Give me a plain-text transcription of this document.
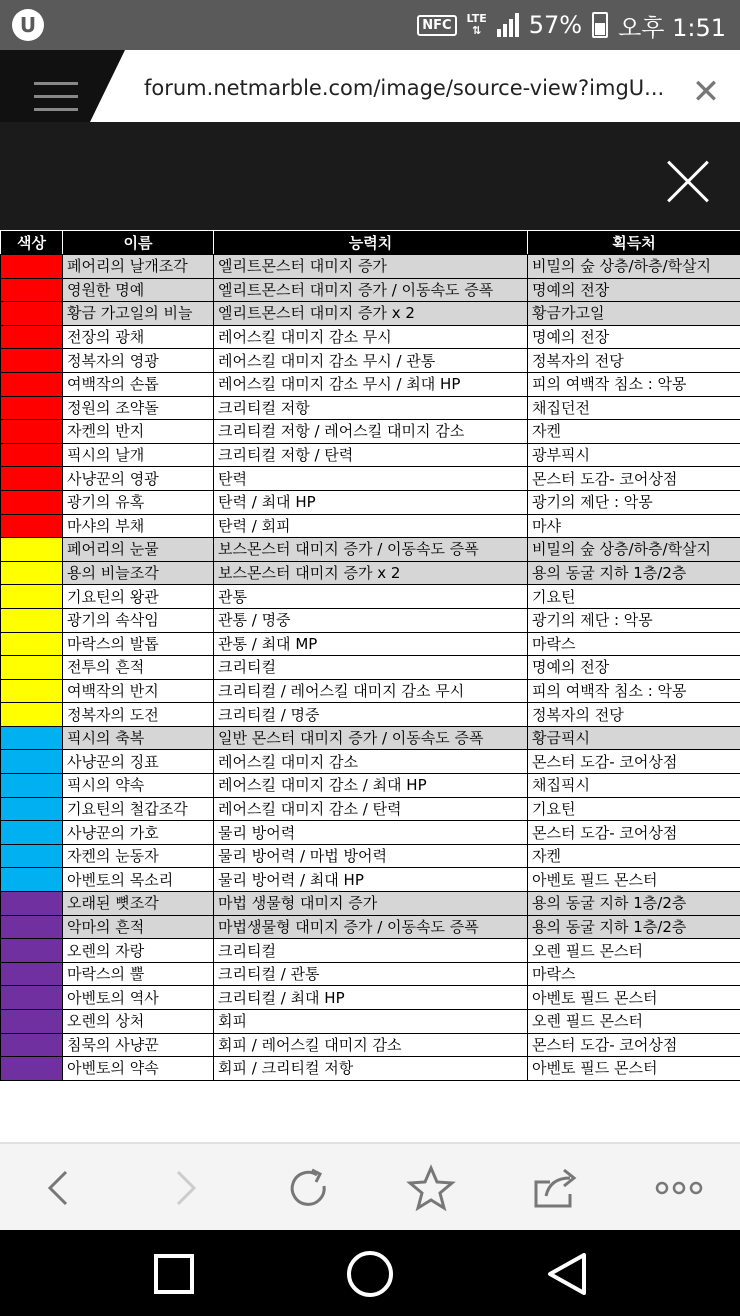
U	NFC	LTE
⇅ 57% 오후 1:51
forum.netmarble.com/image/source-view?imgU... ✕
색상	이름	능력치	획득처
	페어리의 날개조각	엘리트몬스터 대미지 증가	비밀의 숲 상층/하층/학살지
	영원한 명예	엘리트몬스터 대미지 증가 / 이동속도 증폭	명예의 전장
	황금 가고일의 비늘	엘리트몬스터 대미지 증가 x 2	황금가고일
	전장의 광채	레어스킬 대미지 감소 무시	명예의 전장
	정복자의 영광	레어스킬 대미지 감소 무시 / 관통	정복자의 전당
	여백작의 손톱	레어스킬 대미지 감소 무시 / 최대 HP	피의 여백작 침소 : 악몽
	정원의 조약돌	크리티컬 저항	채집던전
	자켄의 반지	크리티컬 저항 / 레어스킬 대미지 감소	자켄
	픽시의 날개	크리티컬 저항 / 탄력	광부픽시
	사냥꾼의 영광	탄력	몬스터 도감- 코어상점
	광기의 유혹	탄력 / 최대 HP	광기의 제단 : 악몽
	마샤의 부채	탄력 / 회피	마샤
	페어리의 눈물	보스몬스터 대미지 증가 / 이동속도 증폭	비밀의 숲 상층/하층/학살지
	용의 비늘조각	보스몬스터 대미지 증가 x 2	용의 동굴 지하 1층/2층
	기요틴의 왕관	관통	기요틴
	광기의 속삭임	관통 / 명중	광기의 제단 : 악몽
	마락스의 발톱	관통 / 최대 MP	마락스
	전투의 흔적	크리티컬	명예의 전장
	여백작의 반지	크리티컬 / 레어스킬 대미지 감소 무시	피의 여백작 침소 : 악몽
	정복자의 도전	크리티컬 / 명중	정복자의 전당
	픽시의 축복	일반 몬스터 대미지 증가 / 이동속도 증폭	황금픽시
	사냥꾼의 징표	레어스킬 대미지 감소	몬스터 도감- 코어상점
	픽시의 약속	레어스킬 대미지 감소 / 최대 HP	채집픽시
	기요틴의 철갑조각	레어스킬 대미지 감소 / 탄력	기요틴
	사냥꾼의 가호	물리 방어력	몬스터 도감- 코어상점
	자켄의 눈동자	물리 방어력 / 마법 방어력	자켄
	아벤토의 목소리	물리 방어력 / 최대 HP	아벤토 필드 몬스터
	오래된 뼛조각	마법 생물형 대미지 증가	용의 동굴 지하 1층/2층
	악마의 흔적	마법생물형 대미지 증가 / 이동속도 증폭	용의 동굴 지하 1층/2층
	오렌의 자랑	크리티컬	오렌 필드 몬스터
	마락스의 뿔	크리티컬 / 관통	마락스
	아벤토의 역사	크리티컬 / 최대 HP	아벤토 필드 몬스터
	오렌의 상처	회피	오렌 필드 몬스터
	침묵의 사냥꾼	회피 / 레어스킬 대미지 감소	몬스터 도감- 코어상점
	아벤토의 약속	회피 / 크리티컬 저항	아벤토 필드 몬스터
